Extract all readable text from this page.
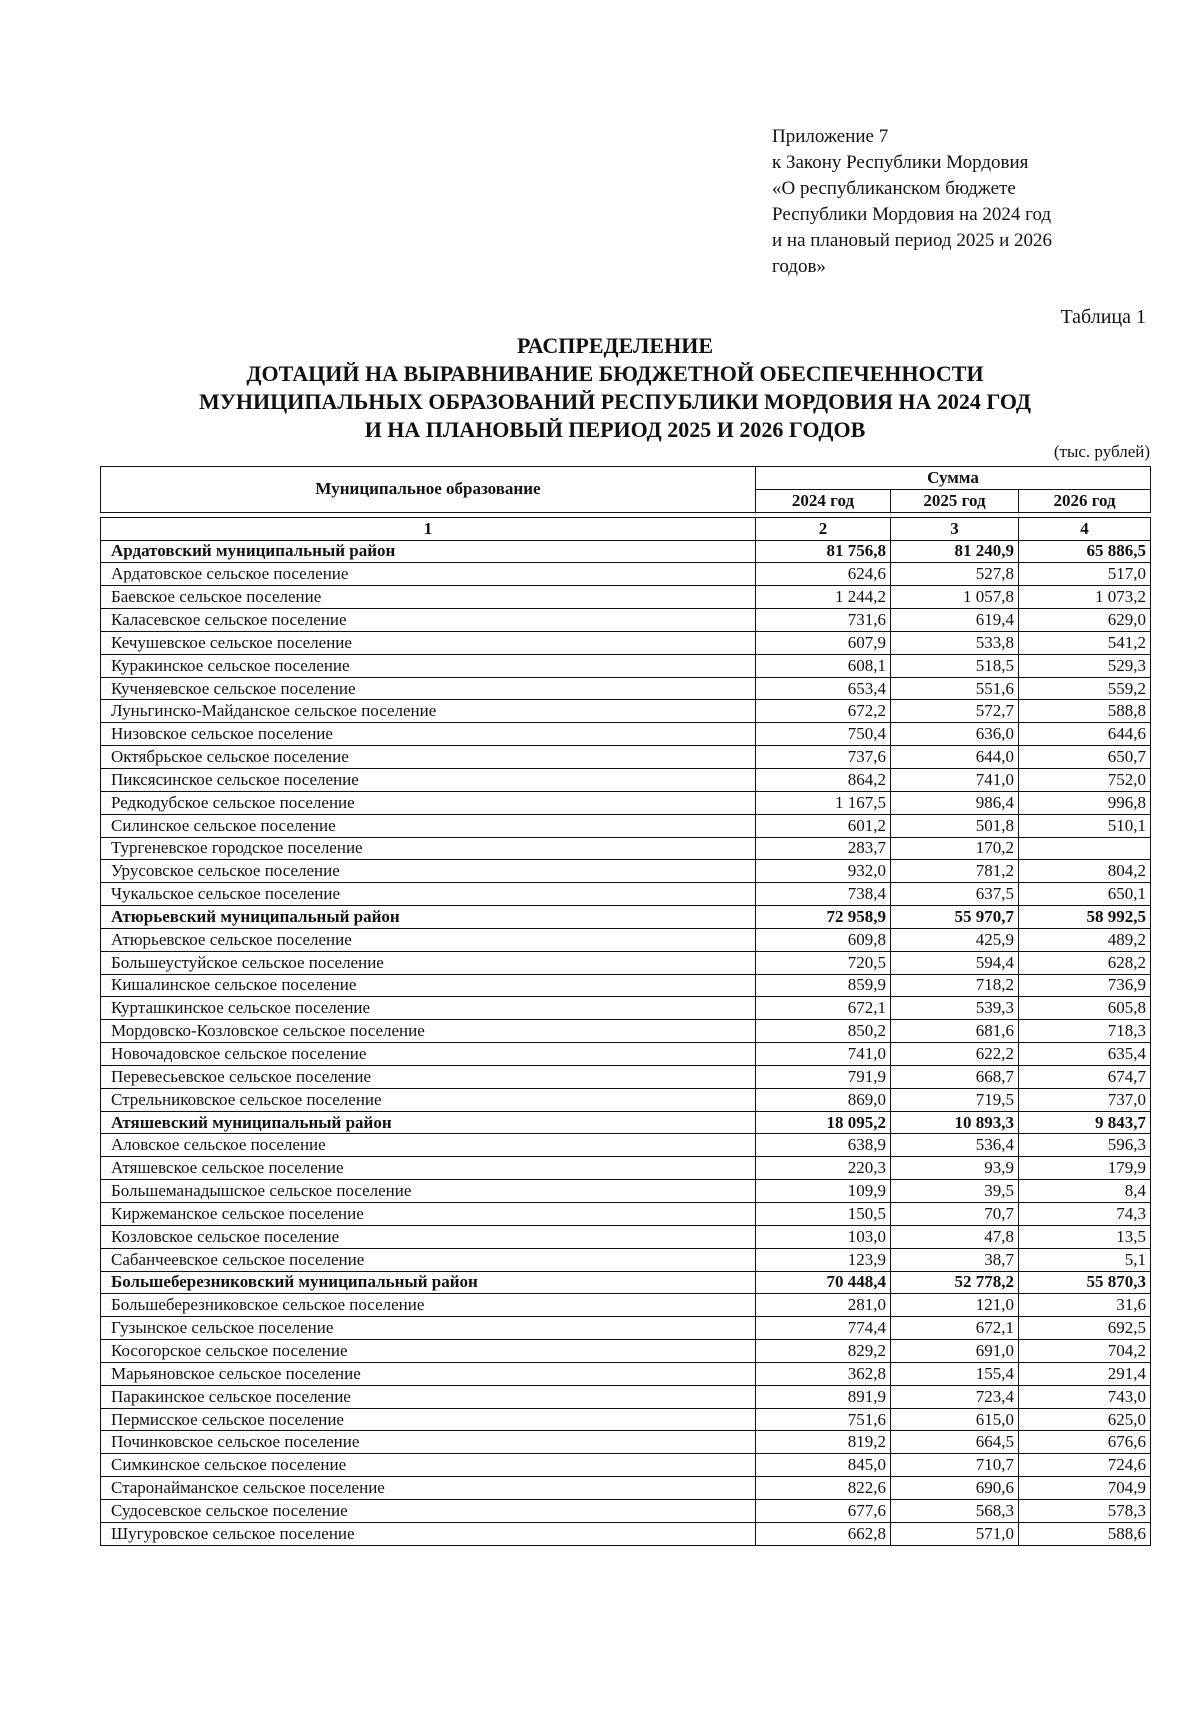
Приложение 7
к Закону Республики Мордовия
«О республиканском бюджете
Республики Мордовия на 2024 год
и на плановый период 2025 и 2026
годов»
Таблица 1
РАСПРЕДЕЛЕНИЕ
ДОТАЦИЙ НА ВЫРАВНИВАНИЕ БЮДЖЕТНОЙ ОБЕСПЕЧЕННОСТИ
МУНИЦИПАЛЬНЫХ ОБРАЗОВАНИЙ РЕСПУБЛИКИ МОРДОВИЯ НА 2024 ГОД
И НА ПЛАНОВЫЙ ПЕРИОД 2025 И 2026 ГОДОВ
(тыс. рублей)
Муниципальное образование	Сумма		
	2024 год	2025 год	2026 год

1	2	3	4
Ардатовский муниципальный район	81 756,8	81 240,9	65 886,5
Ардатовское сельское поселение	624,6	527,8	517,0
Баевское сельское поселение	1 244,2	1 057,8	1 073,2
Каласевское сельское поселение	731,6	619,4	629,0
Кечушевское сельское поселение	607,9	533,8	541,2
Куракинское сельское поселение	608,1	518,5	529,3
Кученяевское сельское поселение	653,4	551,6	559,2
Луньгинско-Майданское сельское поселение	672,2	572,7	588,8
Низовское сельское поселение	750,4	636,0	644,6
Октябрьское сельское поселение	737,6	644,0	650,7
Пиксясинское сельское поселение	864,2	741,0	752,0
Редкодубское сельское поселение	1 167,5	986,4	996,8
Силинское сельское поселение	601,2	501,8	510,1
Тургеневское городское поселение	283,7	170,2	
Урусовское сельское поселение	932,0	781,2	804,2
Чукальское сельское поселение	738,4	637,5	650,1
Атюрьевский муниципальный район	72 958,9	55 970,7	58 992,5
Атюрьевское сельское поселение	609,8	425,9	489,2
Большеустуйское сельское поселение	720,5	594,4	628,2
Кишалинское сельское поселение	859,9	718,2	736,9
Курташкинское сельское поселение	672,1	539,3	605,8
Мордовско-Козловское сельское поселение	850,2	681,6	718,3
Новочадовское сельское поселение	741,0	622,2	635,4
Перевесьевское сельское поселение	791,9	668,7	674,7
Стрельниковское сельское поселение	869,0	719,5	737,0
Атяшевский муниципальный район	18 095,2	10 893,3	9 843,7
Аловское сельское поселение	638,9	536,4	596,3
Атяшевское сельское поселение	220,3	93,9	179,9
Большеманадышское сельское поселение	109,9	39,5	8,4
Киржеманское сельское поселение	150,5	70,7	74,3
Козловское сельское поселение	103,0	47,8	13,5
Сабанчеевское сельское поселение	123,9	38,7	5,1
Большеберезниковский муниципальный район	70 448,4	52 778,2	55 870,3
Большеберезниковское сельское поселение	281,0	121,0	31,6
Гузынское сельское поселение	774,4	672,1	692,5
Косогорское сельское поселение	829,2	691,0	704,2
Марьяновское сельское поселение	362,8	155,4	291,4
Паракинское сельское поселение	891,9	723,4	743,0
Пермисское сельское поселение	751,6	615,0	625,0
Починковское сельское поселение	819,2	664,5	676,6
Симкинское сельское поселение	845,0	710,7	724,6
Старонайманское сельское поселение	822,6	690,6	704,9
Судосевское сельское поселение	677,6	568,3	578,3
Шугуровское сельское поселение	662,8	571,0	588,6
